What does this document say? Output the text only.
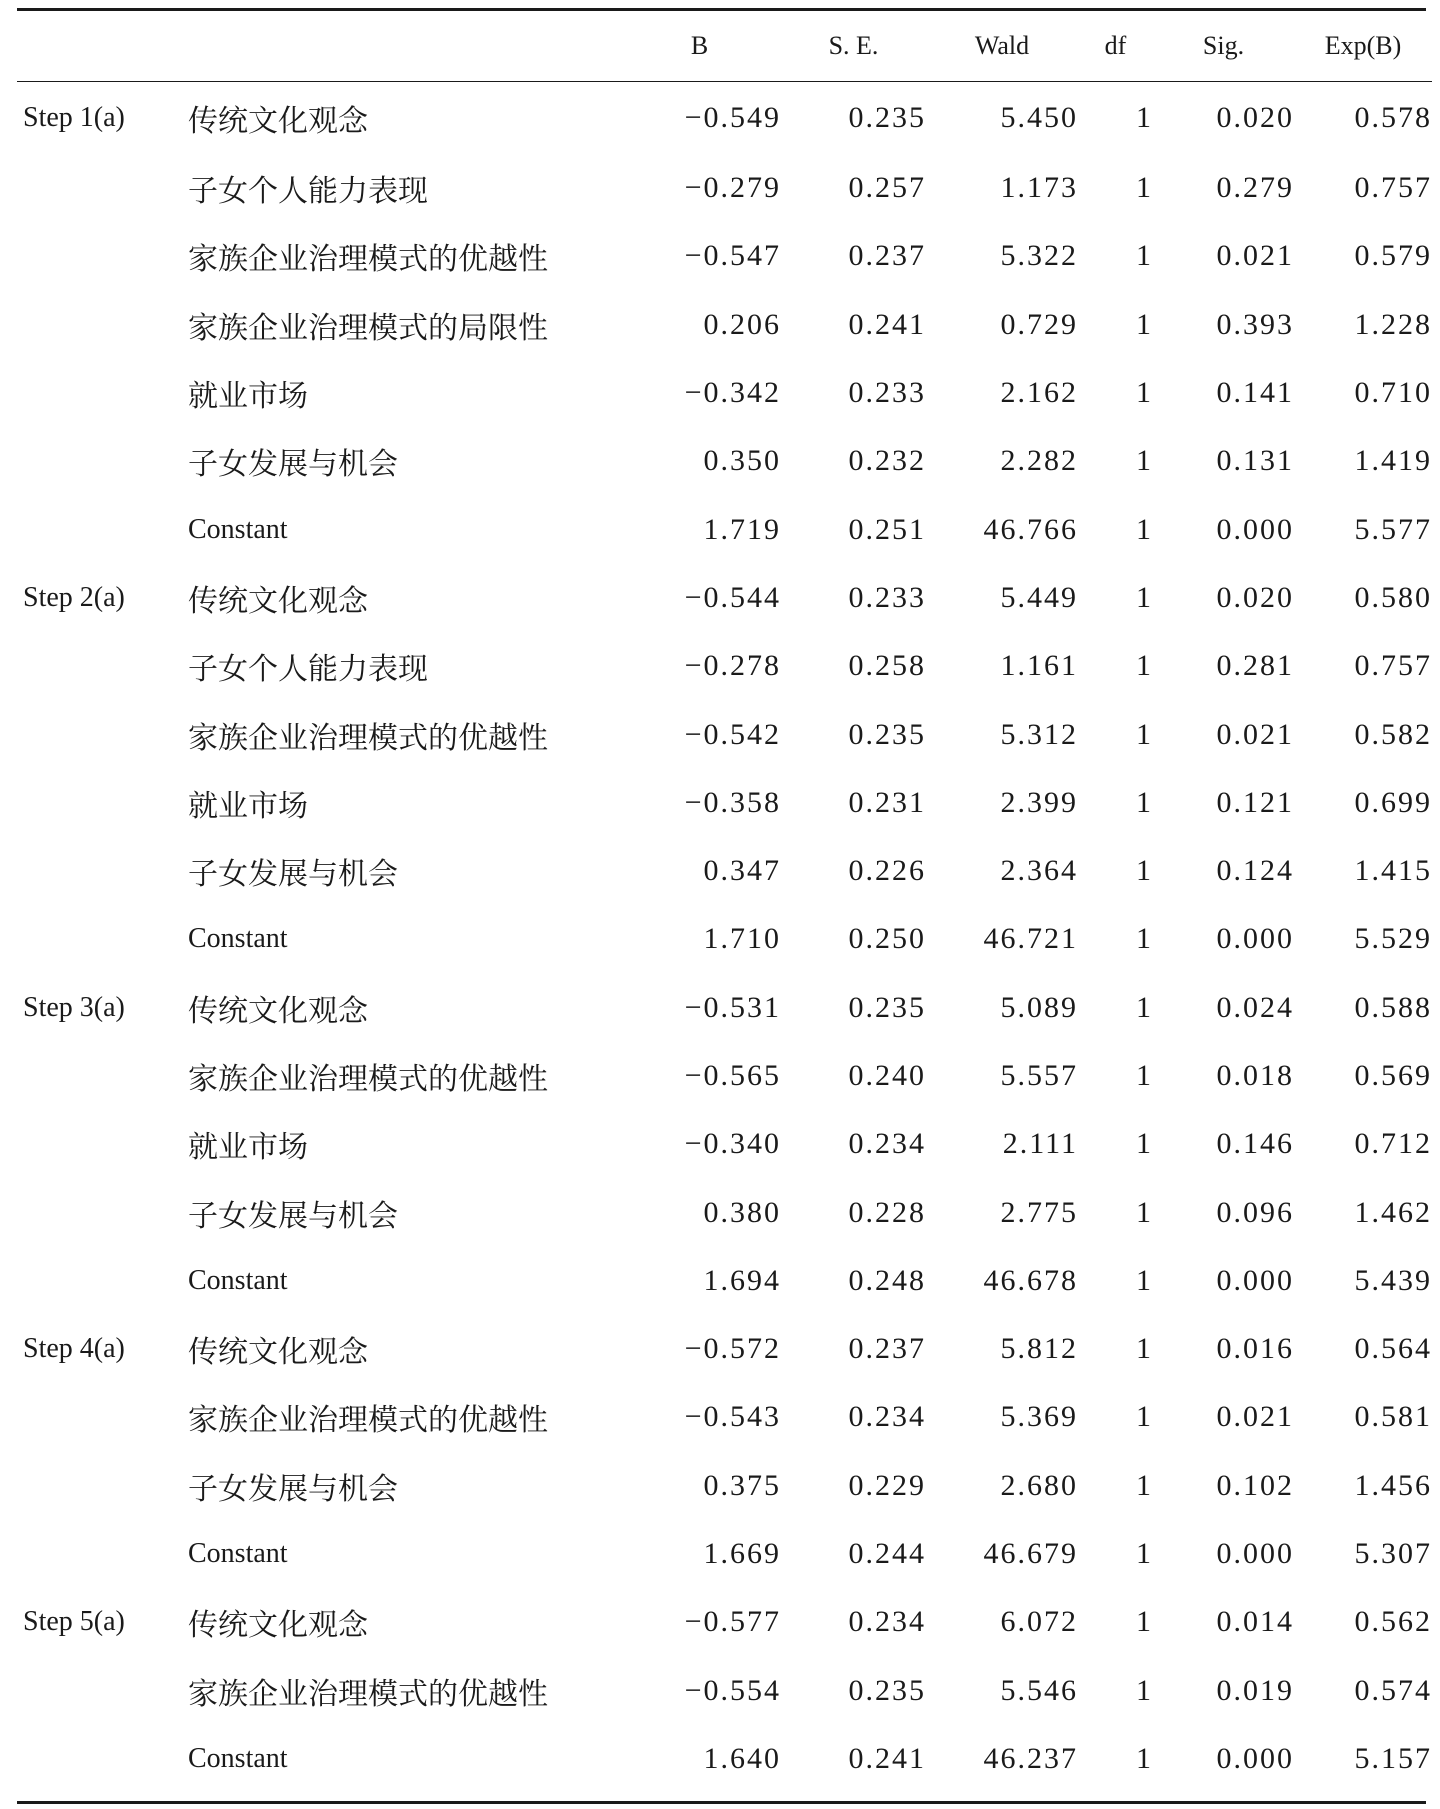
		B	S. E.	Wald	df	Sig.	Exp(B)
Step 1(a)	传统文化观念	−0.549	0.235	5.450	1	0.020	0.578
	子女个人能力表现	−0.279	0.257	1.173	1	0.279	0.757
	家族企业治理模式的优越性	−0.547	0.237	5.322	1	0.021	0.579
	家族企业治理模式的局限性	0.206	0.241	0.729	1	0.393	1.228
	就业市场	−0.342	0.233	2.162	1	0.141	0.710
	子女发展与机会	0.350	0.232	2.282	1	0.131	1.419
	Constant	1.719	0.251	46.766	1	0.000	5.577
Step 2(a)	传统文化观念	−0.544	0.233	5.449	1	0.020	0.580
	子女个人能力表现	−0.278	0.258	1.161	1	0.281	0.757
	家族企业治理模式的优越性	−0.542	0.235	5.312	1	0.021	0.582
	就业市场	−0.358	0.231	2.399	1	0.121	0.699
	子女发展与机会	0.347	0.226	2.364	1	0.124	1.415
	Constant	1.710	0.250	46.721	1	0.000	5.529
Step 3(a)	传统文化观念	−0.531	0.235	5.089	1	0.024	0.588
	家族企业治理模式的优越性	−0.565	0.240	5.557	1	0.018	0.569
	就业市场	−0.340	0.234	2.111	1	0.146	0.712
	子女发展与机会	0.380	0.228	2.775	1	0.096	1.462
	Constant	1.694	0.248	46.678	1	0.000	5.439
Step 4(a)	传统文化观念	−0.572	0.237	5.812	1	0.016	0.564
	家族企业治理模式的优越性	−0.543	0.234	5.369	1	0.021	0.581
	子女发展与机会	0.375	0.229	2.680	1	0.102	1.456
	Constant	1.669	0.244	46.679	1	0.000	5.307
Step 5(a)	传统文化观念	−0.577	0.234	6.072	1	0.014	0.562
	家族企业治理模式的优越性	−0.554	0.235	5.546	1	0.019	0.574
	Constant	1.640	0.241	46.237	1	0.000	5.157
